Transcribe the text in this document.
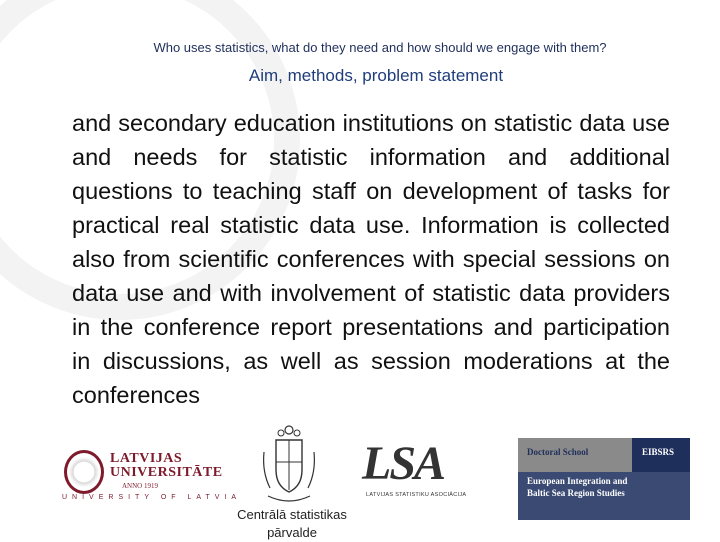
Who uses statistics, what do they need and how should we engage with them?
Aim, methods, problem statement
and secondary education institutions on statistic data use and needs for statistic information and additional questions to teaching staff on development of tasks for practical real statistic data use. Information is collected also from scientific conferences with special sessions on data use and with involvement of statistic data providers in the conference report presentations and participation in discussions, as well as session moderations at the conferences
LATVIJAS
UNIVERSITĀTE
ANNO 1919
UNIVERSITY OF LATVIA
Centrālā statistikas
pārvalde
LSA
LATVIJAS STATISTIKU ASOCIĀCIJA
Doctoral School	EIBSRS
European Integration and
Baltic Sea Region Studies
